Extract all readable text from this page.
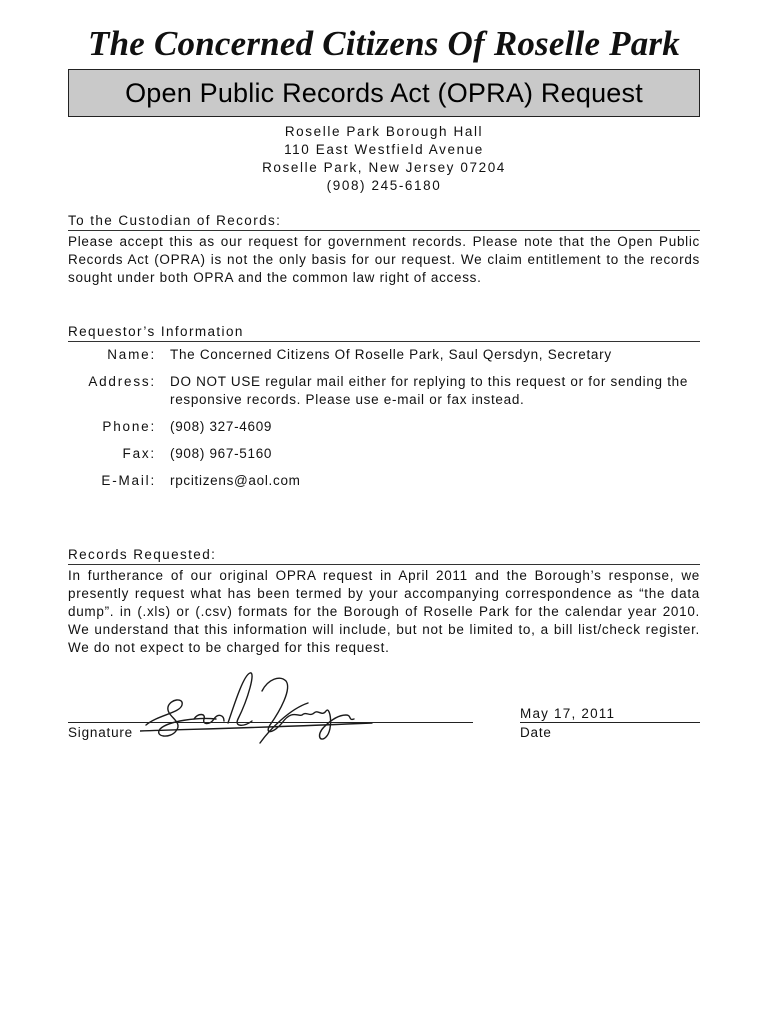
The Concerned Citizens Of Roselle Park
Open Public Records Act (OPRA) Request
Roselle Park Borough Hall
110 East Westfield Avenue
Roselle Park, New Jersey 07204
(908) 245-6180
To the Custodian of Records:
Please accept this as our request for government records. Please note that the Open Public Records Act (OPRA) is not the only basis for our request. We claim entitlement to the records sought under both OPRA and the common law right of access.
Requestor’s Information
Name:	The Concerned Citizens Of Roselle Park, Saul Qersdyn, Secretary
Address:	DO NOT USE regular mail either for replying to this request or for sending the responsive records. Please use e-mail or fax instead.
Phone:	(908) 327-4609
Fax:	(908) 967-5160
E-Mail:	rpcitizens@aol.com
Records Requested:
In furtherance of our original OPRA request in April 2011 and the Borough’s response, we presently request what has been termed by your accompanying correspondence as “the data dump”. in (.xls) or (.csv) formats for the Borough of Roselle Park for the calendar year 2010. We understand that this information will include, but not be limited to, a bill list/check register. We do not expect to be charged for this request.
Signature
May 17, 2011
Date
